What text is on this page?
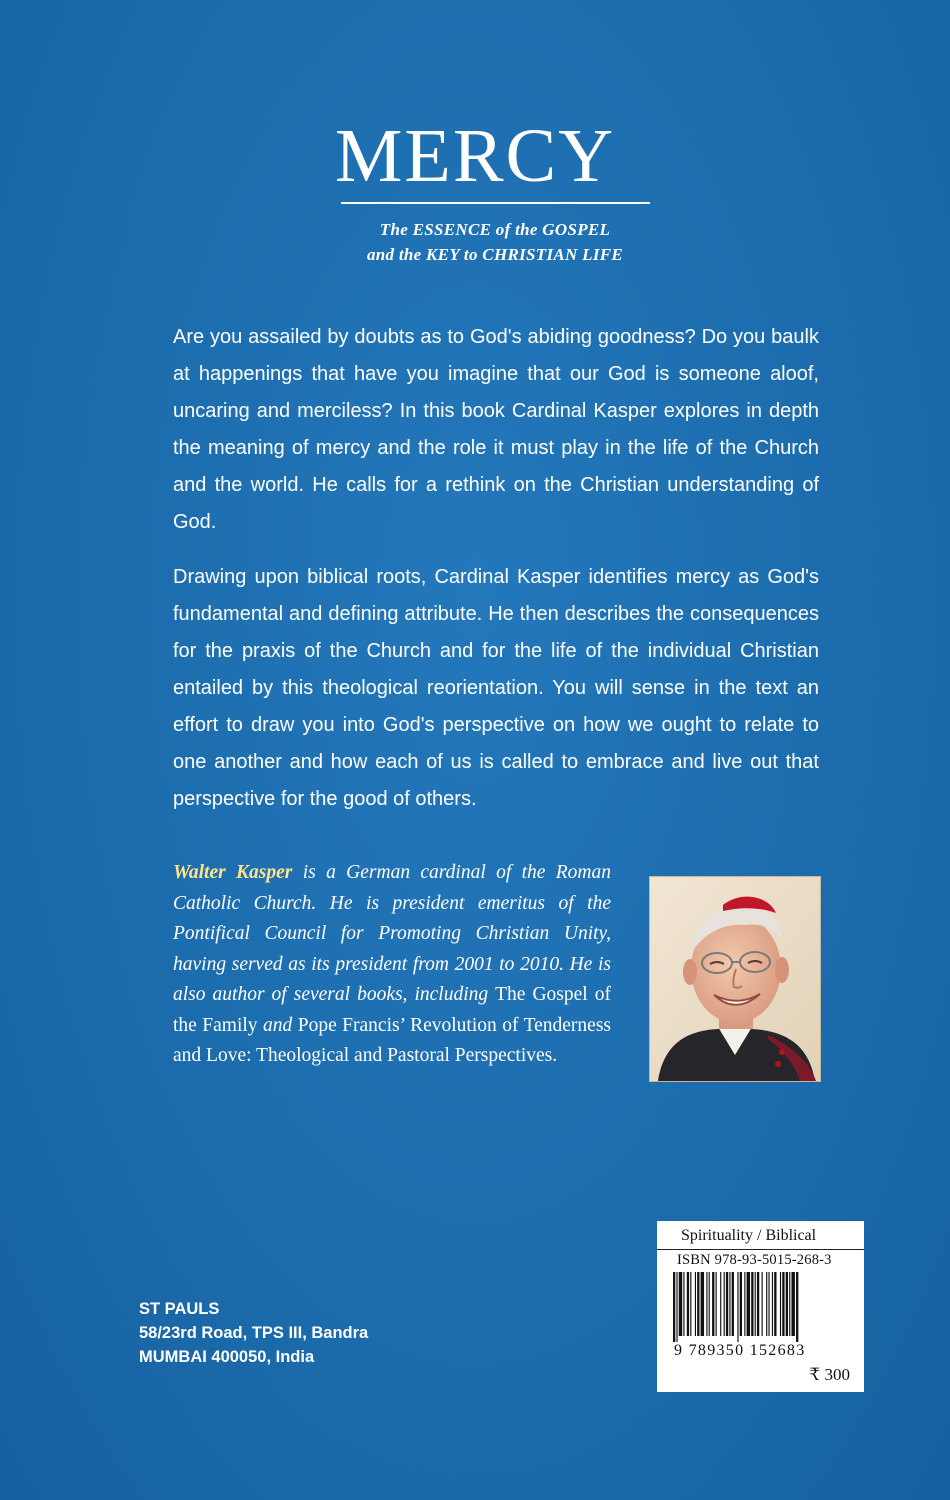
MERCY
The ESSENCE of the GOSPEL
and the KEY to CHRISTIAN LIFE

Are you assailed by doubts as to God's abiding goodness? Do you baulk at happenings that have you imagine that our God is someone aloof, uncaring and merciless? In this book Cardinal Kasper explores in depth the meaning of mercy and the role it must play in the life of the Church and the world. He calls for a rethink on the Christian understanding of God.

Drawing upon biblical roots, Cardinal Kasper identifies mercy as God's fundamental and defining attribute. He then describes the consequences for the praxis of the Church and for the life of the individual Christian entailed by this theological reorientation. You will sense in the text an effort to draw you into God's perspective on how we ought to relate to one another and how each of us is called to embrace and live out that perspective for the good of others.

Walter Kasper is a German cardinal of the Roman Catholic Church. He is president emeritus of the Pontifical Council for Promoting Christian Unity, having served as its president from 2001 to 2010. He is also author of several books, including The Gospel of the Family and Pope Francis’ Revolution of Tenderness and Love: Theological and Pastoral Perspectives.

ST PAULS
58/23rd Road, TPS III, Bandra
MUMBAI 400050, India
Spirituality / Biblical
ISBN 978-93-5015-268-3
9 789350 152683
₹ 300
